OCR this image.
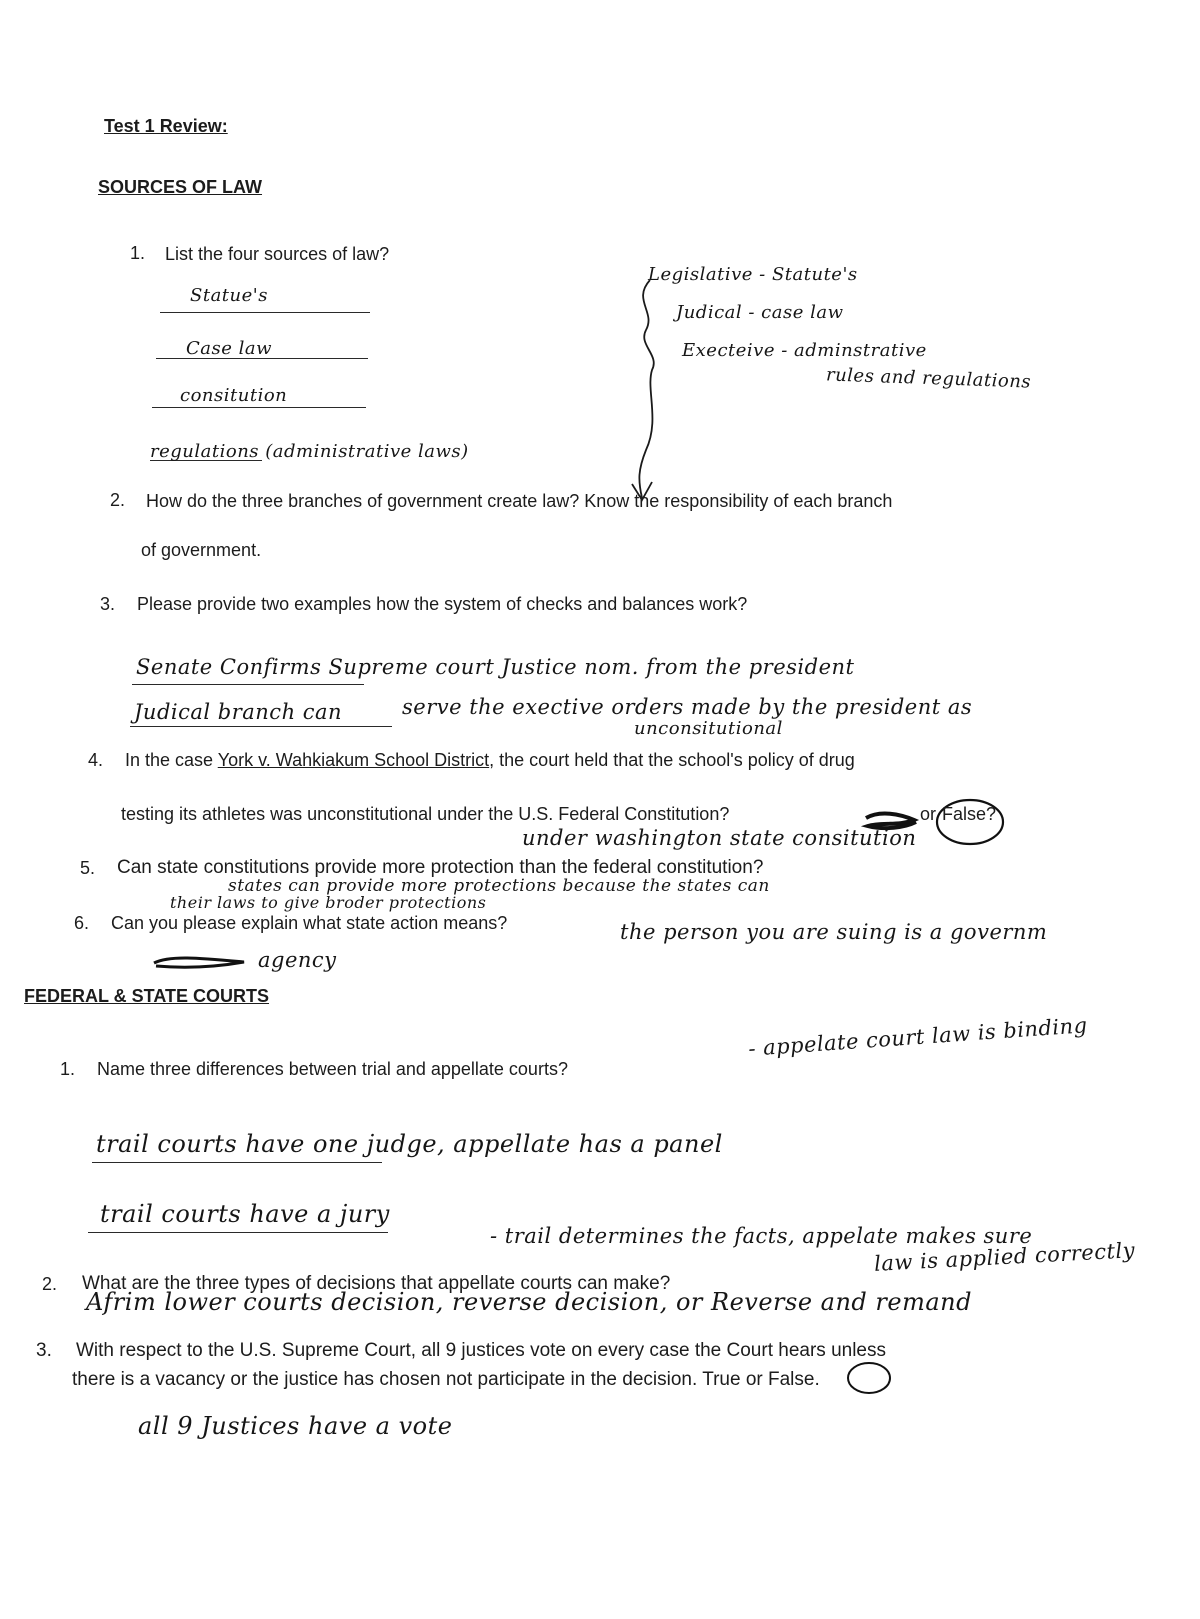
Test 1 Review:
SOURCES OF LAW
1. List the four sources of law?
Statue's
Case law
consitution
regulations (administrative laws)
Legislative - Statute's
Judical - case law
Execteive - adminstrative
rules and regulations
2. How do the three branches of government create law? Know the responsibility of each branch
of government.
3. Please provide two examples how the system of checks and balances work?
Senate Confirms Supreme court Justice nom. from the president
Judical branch can	serve the exective orders made by the president as
unconsitutional
4. In the case York v. Wahkiakum School District, the court held that the school's policy of drug
testing its athletes was unconstitutional under the U.S. Federal Constitution?	or False?
under washington state consitution
5. Can state constitutions provide more protection than the federal constitution?
states can provide more protections because the states can
their laws to give broder protections
6. Can you please explain what state action means?	the person you are suing is a governm
agency
FEDERAL & STATE COURTS
- appelate court law is binding
1. Name three differences between trial and appellate courts?
trail courts have one judge, appellate has a panel
trail courts have a jury
- trail determines the facts, appelate makes sure
law is applied correctly
2. What are the three types of decisions that appellate courts can make?
Afrim lower courts decision, reverse decision, or Reverse and remand
3. With respect to the U.S. Supreme Court, all 9 justices vote on every case the Court hears unless
there is a vacancy or the justice has chosen not participate in the decision. True or False.
all 9 Justices have a vote
